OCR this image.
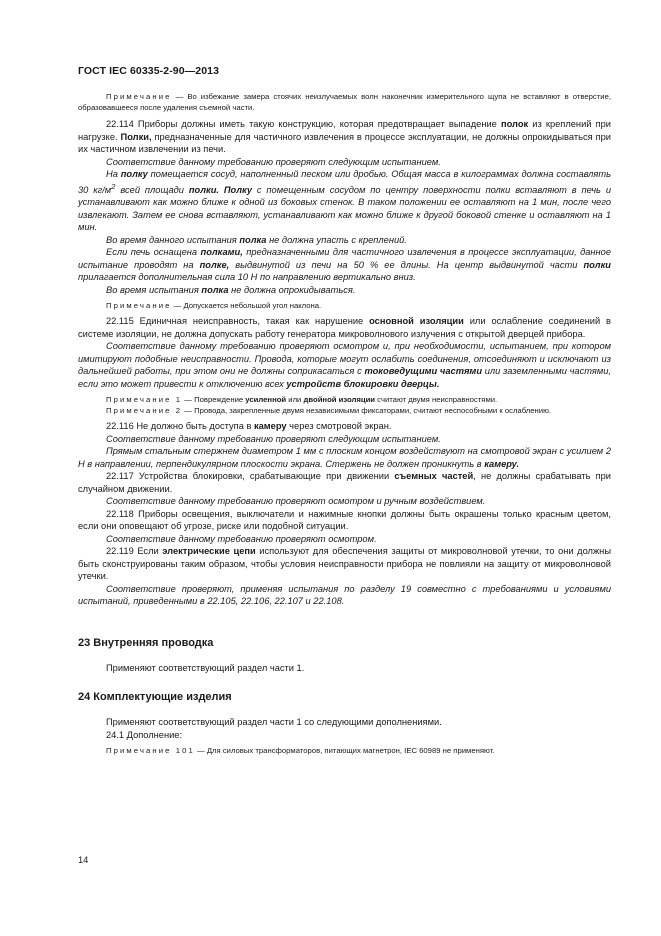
ГОСТ IEC 60335-2-90—2013

Примечание — Во избежание замера стоячих неизлучаемых волн наконечник измерительного щупа не вставляют в отверстие, образовавшееся после удаления съемной части.

22.114 Приборы должны иметь такую конструкцию, которая предотвращает выпадение полок из креплений при нагрузке. Полки, предназначенные для частичного извлечения в процессе эксплуатации, не должны опрокидываться при их частичном извлечении из печи.

Соответствие данному требованию проверяют следующим испытанием.

На полку помещается сосуд, наполненный песком или дробью. Общая масса в килограммах должна составлять 30 $кг/м^2$ всей площади полки. Полку с помещенным сосудом по центру поверхности полки вставляют в печь и устанавливают как можно ближе к одной из боковых стенок. В таком положении ее оставляют на 1 мин, после чего извлекают. Затем ее снова вставляют, устанавливают как можно ближе к другой боковой стенке и оставляют на 1 мин.

Во время данного испытания полка не должна упасть с креплений.

Если печь оснащена полками, предназначенными для частичного извлечения в процессе эксплуатации, данное испытание проводят на полке, выдвинутой из печи на 50 % ее длины. На центр выдвинутой части полки прилагается дополнительная сила 10 Н по направлению вертикально вниз.

Во время испытания полка не должна опрокидываться.

Примечание — Допускается небольшой угол наклона.

22.115 Единичная неисправность, такая как нарушение основной изоляции или ослабление соединений в системе изоляции, не должна допускать работу генератора микроволнового излучения с открытой дверцей прибора.

Соответствие данному требованию проверяют осмотром и, при необходимости, испытанием, при котором имитируют подобные неисправности. Провода, которые могут ослабить соединения, отсоединяют и исключают из дальнейшей работы, при этом они не должны соприкасаться с токоведущими частями или заземленными частями, если это может привести к отключению всех устройств блокировки дверцы.

Примечание 1 — Повреждение усиленной или двойной изоляции считают двумя неисправностями.

Примечание 2 — Провода, закрепленные двумя независимыми фиксаторами, считают неспособными к ослаблению.

22.116 Не должно быть доступа в камеру через смотровой экран.

Соответствие данному требованию проверяют следующим испытанием.

Прямым стальным стержнем диаметром 1 мм с плоским концом воздействуют на смотровой экран с усилием 2 Н в направлении, перпендикулярном плоскости экрана. Стержень не должен проникнуть в камеру.

22.117 Устройства блокировки, срабатывающие при движении съемных частей, не должны срабатывать при случайном движении.

Соответствие данному требованию проверяют осмотром и ручным воздействием.

22.118 Приборы освещения, выключатели и нажимные кнопки должны быть окрашены только красным цветом, если они оповещают об угрозе, риске или подобной ситуации.

Соответствие данному требованию проверяют осмотром.

22.119 Если электрические цепи используют для обеспечения защиты от микроволновой утечки, то они должны быть сконструированы таким образом, чтобы условия неисправности прибора не повлияли на защиту от микроволновой утечки.

Соответствие проверяют, применяя испытания по разделу 19 совместно с требованиями и условиями испытаний, приведенными в 22.105, 22.106, 22.107 и 22.108.

23 Внутренняя проводка

Применяют соответствующий раздел части 1.

24 Комплектующие изделия

Применяют соответствующий раздел части 1 со следующими дополнениями.

24.1 Дополнение:

Примечание 101 — Для силовых трансформаторов, питающих магнетрон, IEC 60989 не применяют.

14
